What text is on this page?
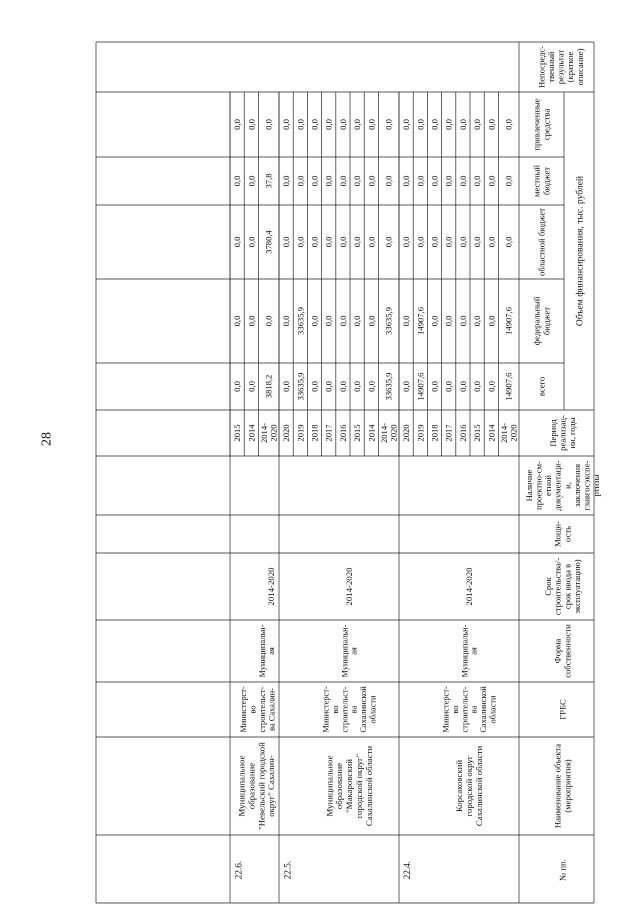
28
№ пп.
Наименование объекта(мероприятия)
ГРБС
Формасобственности
Срокстроительства/-срок ввода вэксплуатацию)
Мощн-ость
Наличиепроектно-см-етнойдокументаци-и,заключенияглавгосэкспе-ртизы
Периодреализац-ии, годы
Объем финансирования, тыс. рублей
всего
федеральныйбюджет
областной бюджет
местныйбюджет
привлеченныесредства
Непосредс-твенныйрезультат(краткоеописание)
2014-2020
14907,6
14907,6
0,0
0,0
0,0
2014
0,0
0,0
0,0
0,0
0,0
2015
0,0
0,0
0,0
0,0
0,0
2016
0,0
0,0
0,0
0,0
0,0
2017
0,0
0,0
0,0
0,0
0,0
2018
0,0
0,0
0,0
0,0
0,0
2019
14907,6
14907,6
0,0
0,0
0,0
2020
0,0
0,0
0,0
0,0
0,0
2014-2020
33635,9
33635,9
0,0
0,0
0,0
2014
0,0
0,0
0,0
0,0
0,0
2015
0,0
0,0
0,0
0,0
0,0
2016
0,0
0,0
0,0
0,0
0,0
2017
0,0
0,0
0,0
0,0
0,0
2018
0,0
0,0
0,0
0,0
0,0
2019
33635,9
33635,9
0,0
0,0
0,0
2020
0,0
0,0
0,0
0,0
0,0
2014-2020
3818,2
0,0
3780,4
37,8
0,0
2014
0,0
0,0
0,0
0,0
0,0
2015
0,0
0,0
0,0
0,0
0,0
22.4.
Корсаковскийгородской округСахалинской области
Министерст-востроительст-ваСахалинскойобласти
Муниципальн-ая
2014-2020
22.5.
Муниципальноеобразование"Макаровскийгородской округ"Сахалинской области
Министерст-востроительст-ваСахалинскойобласти
Муниципальн-ая
2014-2020
22.6.
Муниципальноеобразование"Невельский городскойокруг" Сахалин-
Министерст-востроительст-ва Сахалин-
Муниципальн-ая
2014-2020
